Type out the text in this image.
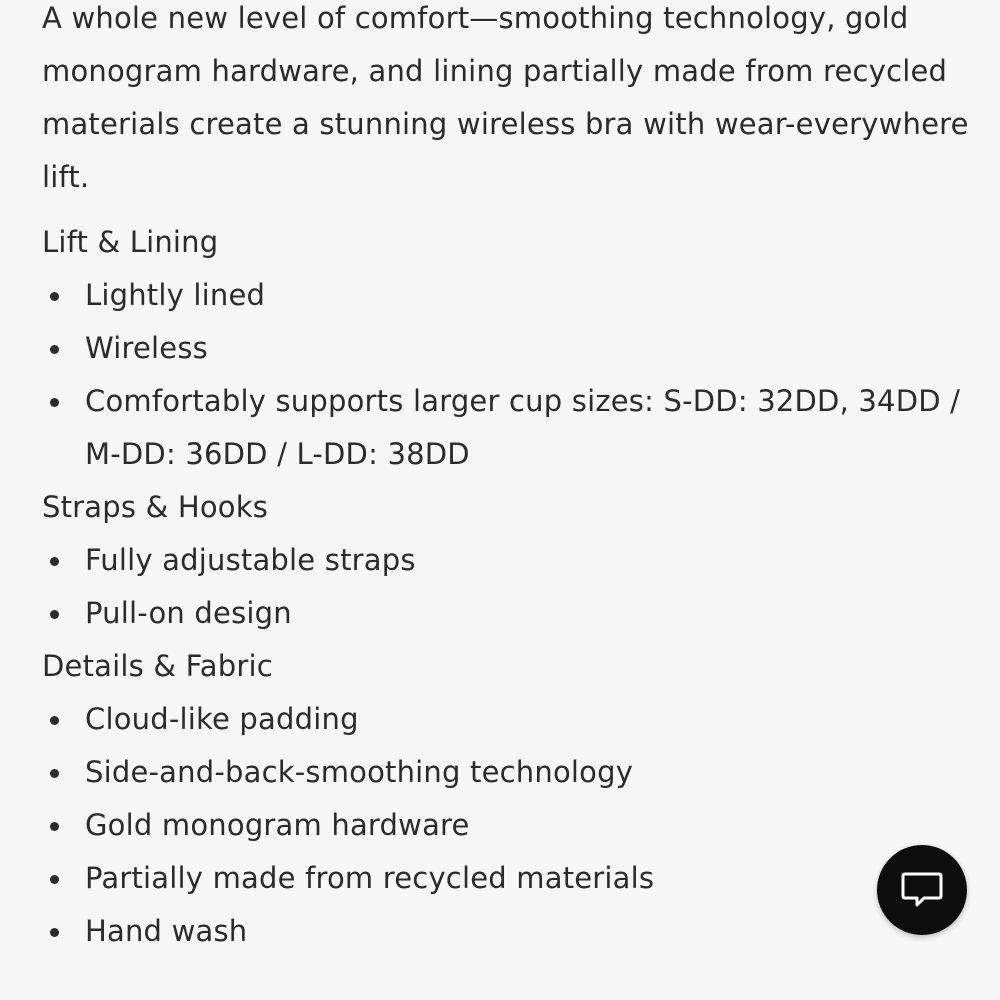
A whole new level of comfort—smoothing technology, gold monogram hardware, and lining partially made from recycled materials create a stunning wireless bra with wear-everywhere lift.

Lift & Lining
Lightly lined
Wireless
Comfortably supports larger cup sizes: S-DD: 32DD, 34DD / M-DD: 36DD / L-DD: 38DD
Straps & Hooks
Fully adjustable straps
Pull-on design
Details & Fabric
Cloud-like padding
Side-and-back-smoothing technology
Gold monogram hardware
Partially made from recycled materials
Hand wash
